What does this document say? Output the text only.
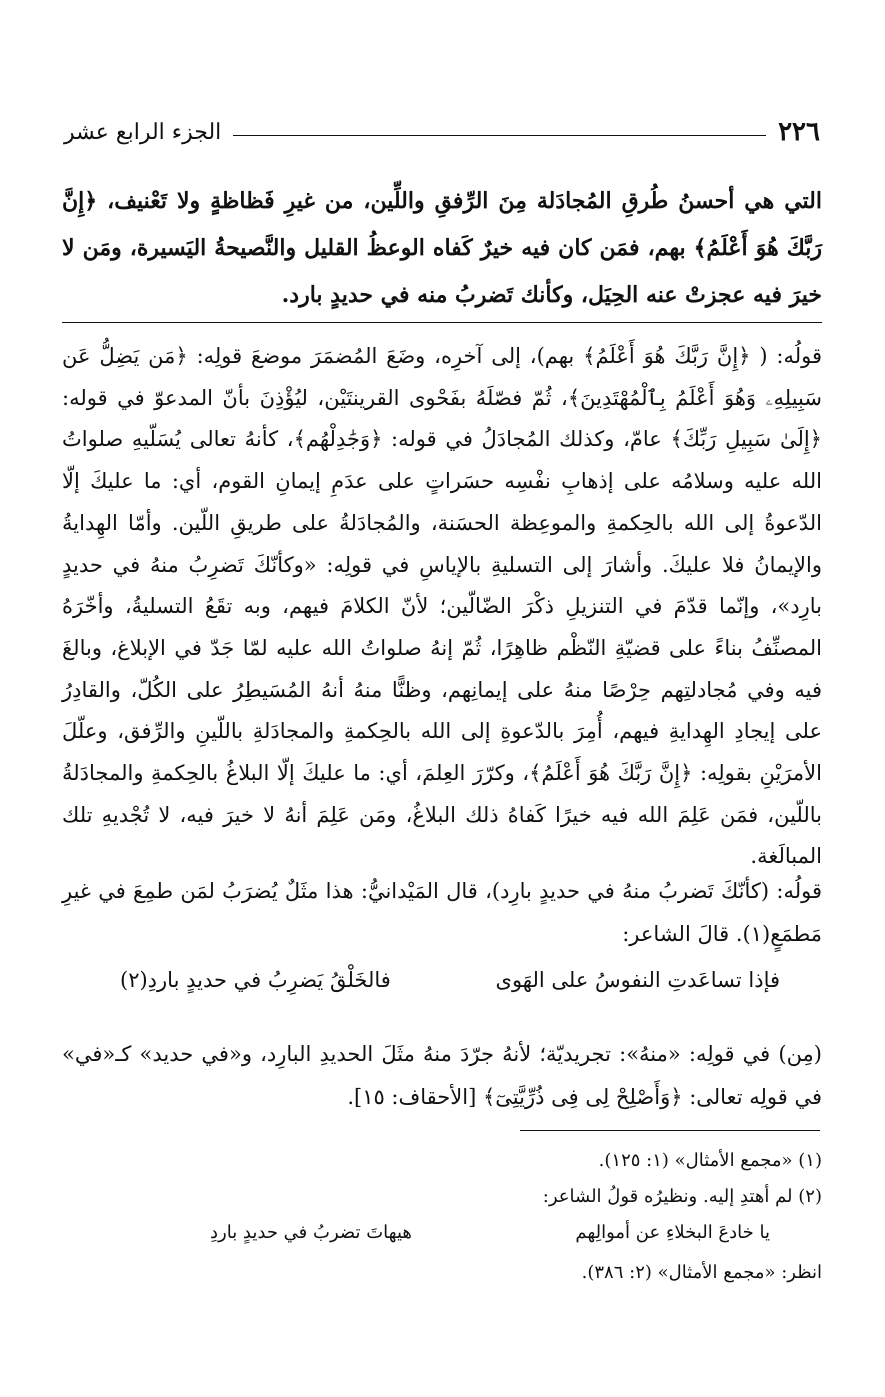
الجزء الرابع عشر	٢٢٦
التي هي أحسنُ طُرقِ المُجادَلة مِنَ الرِّفقِ واللِّين، من غيرِ فَظاظةٍ ولا تَعْنيف، ﴿إِنَّ رَبَّكَ هُوَ أَعْلَمُ﴾ بهم، فمَن كان فيه خيرٌ كَفاه الوعظُ القليل والنَّصيحةُ اليَسيرة، ومَن لا خيرَ فيه عجزتْ عنه الحِيَل، وكأنك تَضربُ منه في حديدٍ بارد.
قولُه: ( ﴿إِنَّ رَبَّكَ هُوَ أَعْلَمُ﴾ بهم)، إلى آخرِه، وضَعَ المُضمَرَ موضعَ قولِه: ﴿مَن يَضِلُّ عَن سَبِيلِهِۦ وَهُوَ أَعْلَمُ بِٱلْمُهْتَدِينَ﴾، ثُمّ فصّلَهُ بفَحْوى القرينتَيْن، ليُؤْذِنَ بأنّ المدعوّ في قوله: ﴿إِلَىٰ سَبِيلِ رَبِّكَ﴾ عامّ، وكذلك المُجادَلُ في قوله: ﴿وَجَٰدِلْهُم﴾، كأنهُ تعالى يُسَلّيهِ صلواتُ الله عليه وسلامُه على إذهابِ نفْسِه حسَراتٍ على عدَمِ إيمانِ القوم، أي: ما عليكَ إلّا الدّعوةُ إلى الله بالحِكمةِ والموعِظة الحسَنة، والمُجادَلةُ على طريقِ اللّين. وأمّا الهِدايةُ والإيمانُ فلا عليكَ. وأشارَ إلى التسليةِ بالإياسِ في قولِه: «وكأنّكَ تَضرِبُ منهُ في حديدٍ بارِد»، وإنّما قدّمَ في التنزيلِ ذكْرَ الضّالّين؛ لأنّ الكلامَ فيهم، وبه تقَعُ التسليةُ، وأخّرَهُ المصنِّفُ بناءً على قضيّةِ النّظْم ظاهِرًا، ثُمّ إنهُ صلواتُ الله عليه لمّا جَدّ في الإبلاغ، وبالغَ فيه وفي مُجادلتِهم حِرْصًا منهُ على إيمانِهم، وظنًّا منهُ أنهُ المُسَيطِرُ على الكُلّ، والقادِرُ على إيجادِ الهِدايةِ فيهم، أُمِرَ بالدّعوةِ إلى الله بالحِكمةِ والمجادَلةِ باللّينِ والرِّفق، وعلّلَ الأمرَيْنِ بقولِه: ﴿إِنَّ رَبَّكَ هُوَ أَعْلَمُ﴾، وكرّرَ العِلمَ، أي: ما عليكَ إلّا البلاغُ بالحِكمةِ والمجادَلةُ باللّين، فمَن عَلِمَ الله فيه خيرًا كَفاهُ ذلك البلاغُ، ومَن عَلِمَ أنهُ لا خيرَ فيه، لا تُجْديهِ تلك المبالَغة.
قولُه: (كأنّكَ تَضربُ منهُ في حديدٍ بارِد)، قال المَيْدانيُّ: هذا مثَلٌ يُضرَبُ لمَن طمِعَ في غيرِ مَطمَعٍ(١). قالَ الشاعر:
فإذا تساعَدتِ النفوسُ على الهَوى
فالخَلْقُ يَضرِبُ في حديدٍ باردِ(٢)
(مِن) في قولِه: «منهُ»: تجريديّة؛ لأنهُ جرّدَ منهُ مثَلَ الحديدِ البارِد، و«في حديد» كـ«في» في قولِه تعالى: ﴿وَأَصْلِحْ لِى فِى ذُرِّيَّتِىٓ﴾ [الأحقاف: ١٥].
(١) «مجمع الأمثال» (١: ١٢٥).
(٢) لم أهتدِ إليه. ونظيرُه قولُ الشاعر:
يا خادعَ البخلاءِ عن أموالِهم
هيهاتَ تضربُ في حديدٍ باردِ
انظر: «مجمع الأمثال» (٢: ٣٨٦).
